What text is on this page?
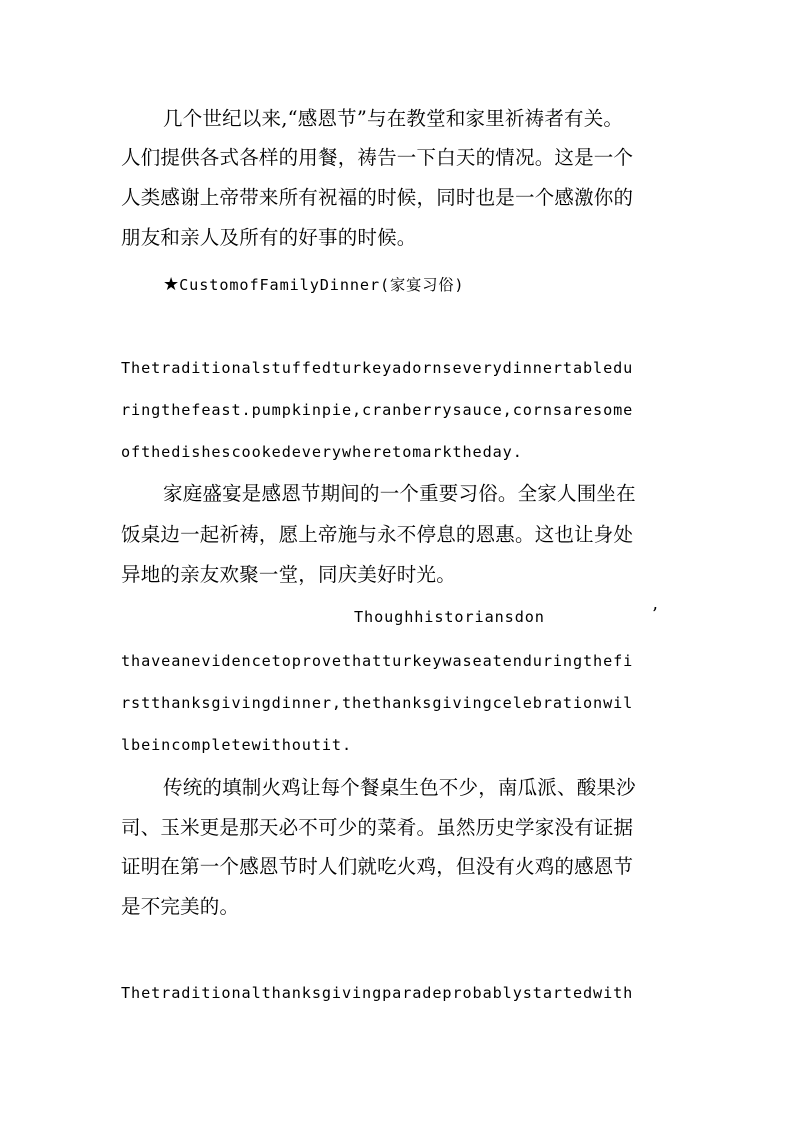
几个世纪以来,“感恩节”与在教堂和家里祈祷者有关。
人们提供各式各样的用餐，祷告一下白天的情况。这是一个
人类感谢上帝带来所有祝福的时候，同时也是一个感激你的
朋友和亲人及所有的好事的时候。
★CustomofFamilyDinner(家宴习俗)
Thetraditionalstuffedturkeyadornseverydinnertabledu
ringthefeast.pumpkinpie,cranberrysauce,cornsaresome
ofthedishescookedeverywheretomarktheday.
家庭盛宴是感恩节期间的一个重要习俗。全家人围坐在
饭桌边一起祈祷，愿上帝施与永不停息的恩惠。这也让身处
异地的亲友欢聚一堂，同庆美好时光。
Thoughhistoriansdon	’
thaveanevidencetoprovethatturkeywaseatenduringthefi
rstthanksgivingdinner,thethanksgivingcelebrationwil
lbeincompletewithoutit.
传统的填制火鸡让每个餐桌生色不少，南瓜派、酸果沙
司、玉米更是那天必不可少的菜肴。虽然历史学家没有证据
证明在第一个感恩节时人们就吃火鸡，但没有火鸡的感恩节
是不完美的。
Thetraditionalthanksgivingparadeprobablystartedwith
